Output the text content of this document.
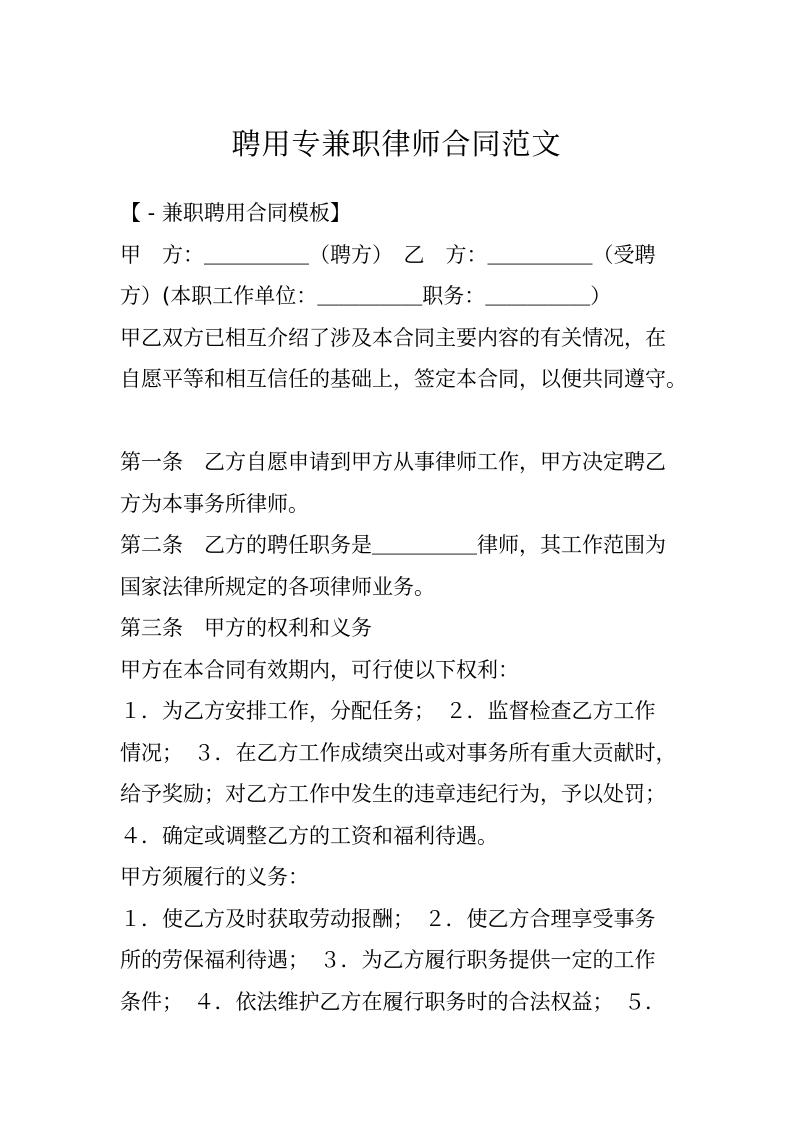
聘用专兼职律师合同范文
【 - 兼职聘用合同模板】
甲　方：＿＿＿＿＿（聘方）　乙　方：＿＿＿＿＿（受聘
方）(本职工作单位：＿＿＿＿＿职务：＿＿＿＿＿）
甲乙双方已相互介绍了涉及本合同主要内容的有关情况，在
自愿平等和相互信任的基础上，签定本合同，以便共同遵守。
第一条　乙方自愿申请到甲方从事律师工作，甲方决定聘乙
方为本事务所律师。
第二条　乙方的聘任职务是＿＿＿＿＿律师，其工作范围为
国家法律所规定的各项律师业务。
第三条　甲方的权利和义务
甲方在本合同有效期内，可行使以下权利：
１．为乙方安排工作，分配任务；　２．监督检查乙方工作
情况；　３．在乙方工作成绩突出或对事务所有重大贡献时，
给予奖励；对乙方工作中发生的违章违纪行为，予以处罚；
４．确定或调整乙方的工资和福利待遇。
甲方须履行的义务：
１．使乙方及时获取劳动报酬；　２．使乙方合理享受事务
所的劳保福利待遇；　３．为乙方履行职务提供一定的工作
条件；　４．依法维护乙方在履行职务时的合法权益；　５．
